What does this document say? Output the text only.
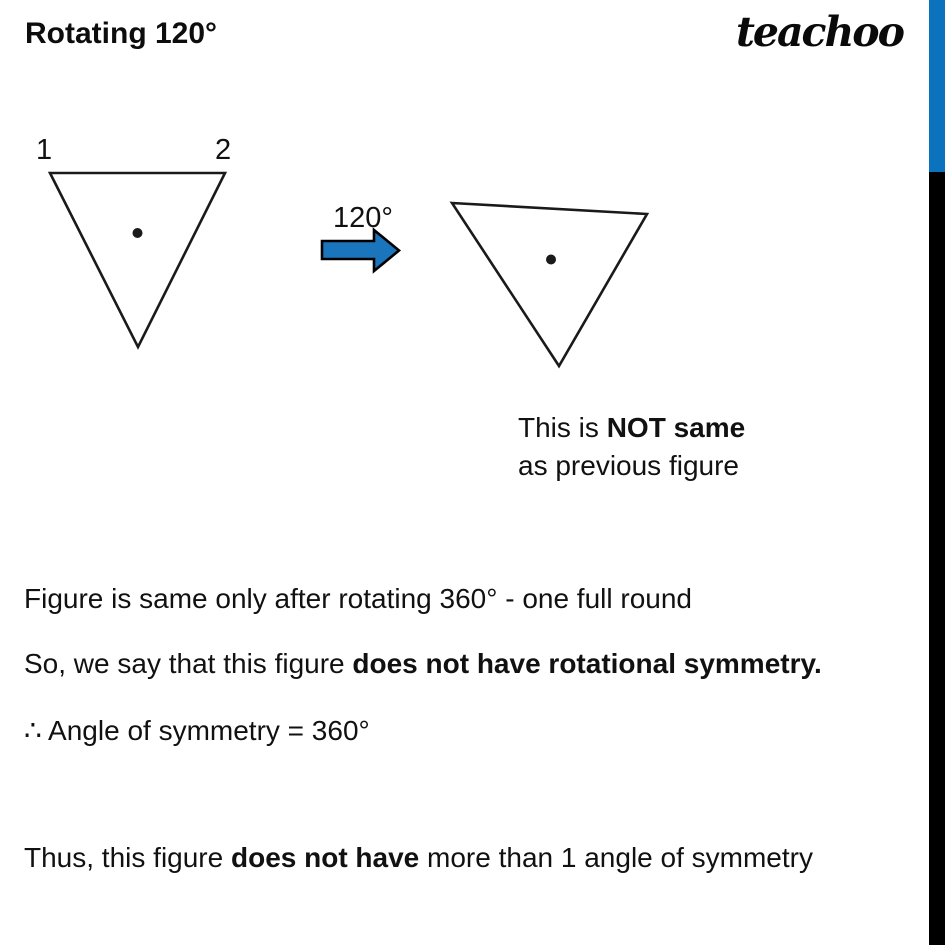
Rotating 120°	teachoo
1	2
120°
This is NOT same
as previous figure
Figure is same only after rotating 360° - one full round
So, we say that this figure does not have rotational symmetry.
∴ Angle of symmetry = 360°
Thus, this figure does not have more than 1 angle of symmetry
